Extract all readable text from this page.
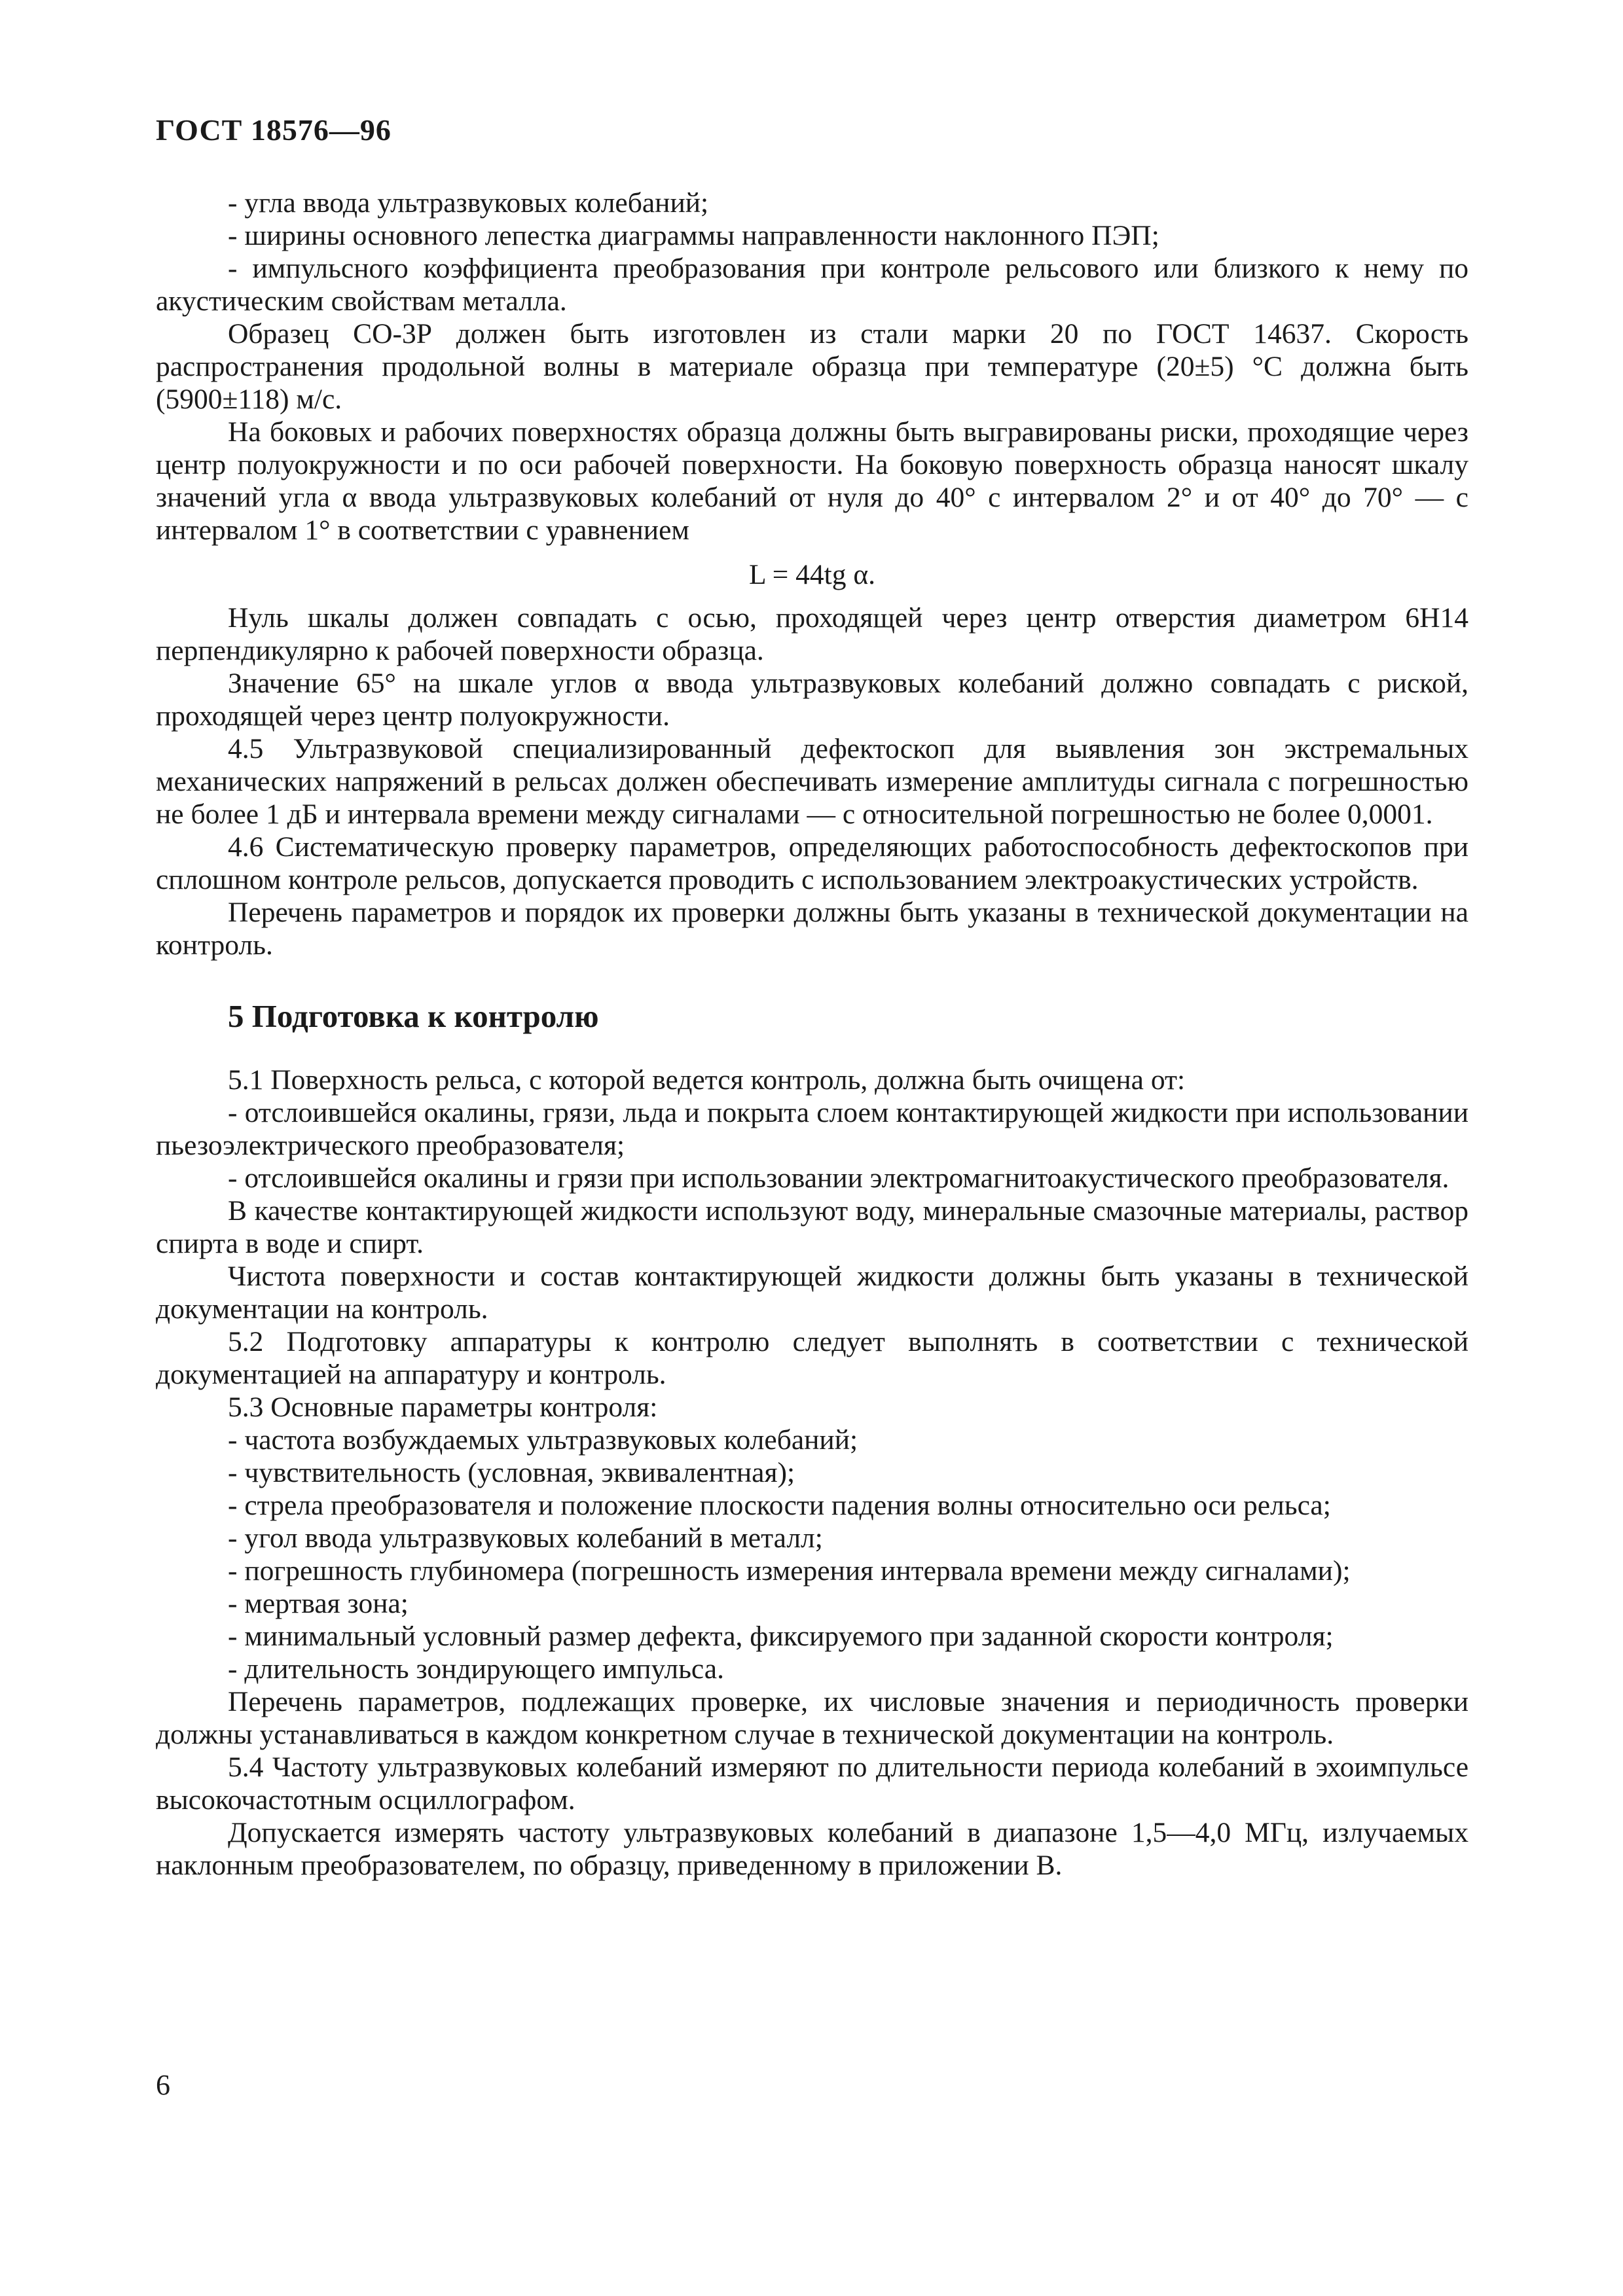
ГОСТ 18576—96

- угла ввода ультразвуковых колебаний;

- ширины основного лепестка диаграммы направленности наклонного ПЭП;

- импульсного коэффициента преобразования при контроле рельсового или близкого к нему по акустическим свойствам металла.

Образец СО-3Р должен быть изготовлен из стали марки 20 по ГОСТ 14637. Скорость распространения продольной волны в материале образца при температуре (20±5) °С должна быть (5900±118) м/с.

На боковых и рабочих поверхностях образца должны быть выгравированы риски, проходящие через центр полуокружности и по оси рабочей поверхности. На боковую поверхность образца наносят шкалу значений угла α ввода ультразвуковых колебаний от нуля до 40° с интервалом 2° и от 40° до 70° — с интервалом 1° в соответствии с уравнением

L = 44tg α.

Нуль шкалы должен совпадать с осью, проходящей через центр отверстия диаметром 6Н14 перпендикулярно к рабочей поверхности образца.

Значение 65° на шкале углов α ввода ультразвуковых колебаний должно совпадать с риской, проходящей через центр полуокружности.

4.5 Ультразвуковой специализированный дефектоскоп для выявления зон экстремальных механических напряжений в рельсах должен обеспечивать измерение амплитуды сигнала с погрешностью не более 1 дБ и интервала времени между сигналами — с относительной погрешностью не более 0,0001.

4.6 Систематическую проверку параметров, определяющих работоспособность дефектоскопов при сплошном контроле рельсов, допускается проводить с использованием электроакустических устройств.

Перечень параметров и порядок их проверки должны быть указаны в технической документации на контроль.

5 Подготовка к контролю

5.1 Поверхность рельса, с которой ведется контроль, должна быть очищена от:

- отслоившейся окалины, грязи, льда и покрыта слоем контактирующей жидкости при использовании пьезоэлектрического преобразователя;

- отслоившейся окалины и грязи при использовании электромагнитоакустического преобразователя.

В качестве контактирующей жидкости используют воду, минеральные смазочные материалы, раствор спирта в воде и спирт.

Чистота поверхности и состав контактирующей жидкости должны быть указаны в технической документации на контроль.

5.2 Подготовку аппаратуры к контролю следует выполнять в соответствии с технической документацией на аппаратуру и контроль.

5.3 Основные параметры контроля:

- частота возбуждаемых ультразвуковых колебаний;

- чувствительность (условная, эквивалентная);

- стрела преобразователя и положение плоскости падения волны относительно оси рельса;

- угол ввода ультразвуковых колебаний в металл;

- погрешность глубиномера (погрешность измерения интервала времени между сигналами);

- мертвая зона;

- минимальный условный размер дефекта, фиксируемого при заданной скорости контроля;

- длительность зондирующего импульса.

Перечень параметров, подлежащих проверке, их числовые значения и периодичность проверки должны устанавливаться в каждом конкретном случае в технической документации на контроль.

5.4 Частоту ультразвуковых колебаний измеряют по длительности периода колебаний в эхоимпульсе высокочастотным осциллографом.

Допускается измерять частоту ультразвуковых колебаний в диапазоне 1,5—4,0 МГц, излучаемых наклонным преобразователем, по образцу, приведенному в приложении В.

6
